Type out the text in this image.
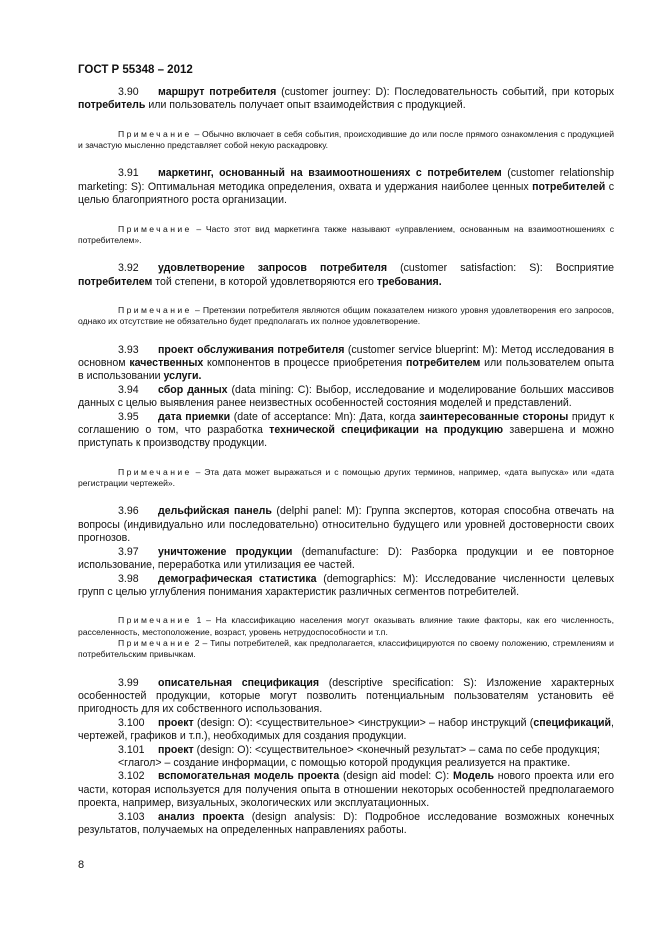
ГОСТ Р 55348 – 2012

3.90 маршрут потребителя (customer journey: D): Последовательность событий, при которых потребитель или пользователь получает опыт взаимодействия с продукцией.

Примечание – Обычно включает в себя события, происходившие до или после прямого ознакомления с продукцией и зачастую мысленно представляет собой некую раскадровку.

3.91 маркетинг, основанный на взаимоотношениях с потребителем (customer relationship marketing: S): Оптимальная методика определения, охвата и удержания наиболее ценных потребителей с целью благоприятного роста организации.

Примечание – Часто этот вид маркетинга также называют «управлением, основанным на взаимоотношениях с потребителем».

3.92 удовлетворение запросов потребителя (customer satisfaction: S): Восприятие потребителем той степени, в которой удовлетворяются его требования.

Примечание – Претензии потребителя являются общим показателем низкого уровня удовлетворения его запросов, однако их отсутствие не обязательно будет предполагать их полное удовлетворение.

3.93 проект обслуживания потребителя (customer service blueprint: M): Метод исследования в основном качественных компонентов в процессе приобретения потребителем или пользователем опыта в использовании услуги.

3.94 сбор данных (data mining: C): Выбор, исследование и моделирование больших массивов данных с целью выявления ранее неизвестных особенностей состояния моделей и представлений.

3.95 дата приемки (date of acceptance: Mn): Дата, когда заинтересованные стороны придут к соглашению о том, что разработка технической спецификации на продукцию завершена и можно приступать к производству продукции.

Примечание – Эта дата может выражаться и с помощью других терминов, например, «дата выпуска» или «дата регистрации чертежей».

3.96 дельфийская панель (delphi panel: M): Группа экспертов, которая способна отвечать на вопросы (индивидуально или последовательно) относительно будущего или уровней достоверности своих прогнозов.

3.97 уничтожение продукции (demanufacture: D): Разборка продукции и ее повторное использование, переработка или утилизация ее частей.

3.98 демографическая статистика (demographics: M): Исследование численности целевых групп с целью углубления понимания характеристик различных сегментов потребителей.

Примечание 1 – На классификацию населения могут оказывать влияние такие факторы, как его численность, расселенность, местоположение, возраст, уровень нетрудоспособности и т.п.

Примечание 2 – Типы потребителей, как предполагается, классифицируются по своему положению, стремлениям и потребительским привычкам.

3.99 описательная спецификация (descriptive specification: S): Изложение характерных особенностей продукции, которые могут позволить потенциальным пользователям установить её пригодность для их собственного использования.

3.100 проект (design: O): <существительное> <инструкции> – набор инструкций (спецификаций, чертежей, графиков и т.п.), необходимых для создания продукции.

3.101 проект (design: O): <существительное> <конечный результат> – сама по себе продукция;

<глагол> – создание информации, с помощью которой продукция реализуется на практике.

3.102 вспомогательная модель проекта (design aid model: C): Модель нового проекта или его части, которая используется для получения опыта в отношении некоторых особенностей предполагаемого проекта, например, визуальных, экологических или эксплуатационных.

3.103 анализ проекта (design analysis: D): Подробное исследование возможных конечных результатов, получаемых на определенных направлениях работы.

8
